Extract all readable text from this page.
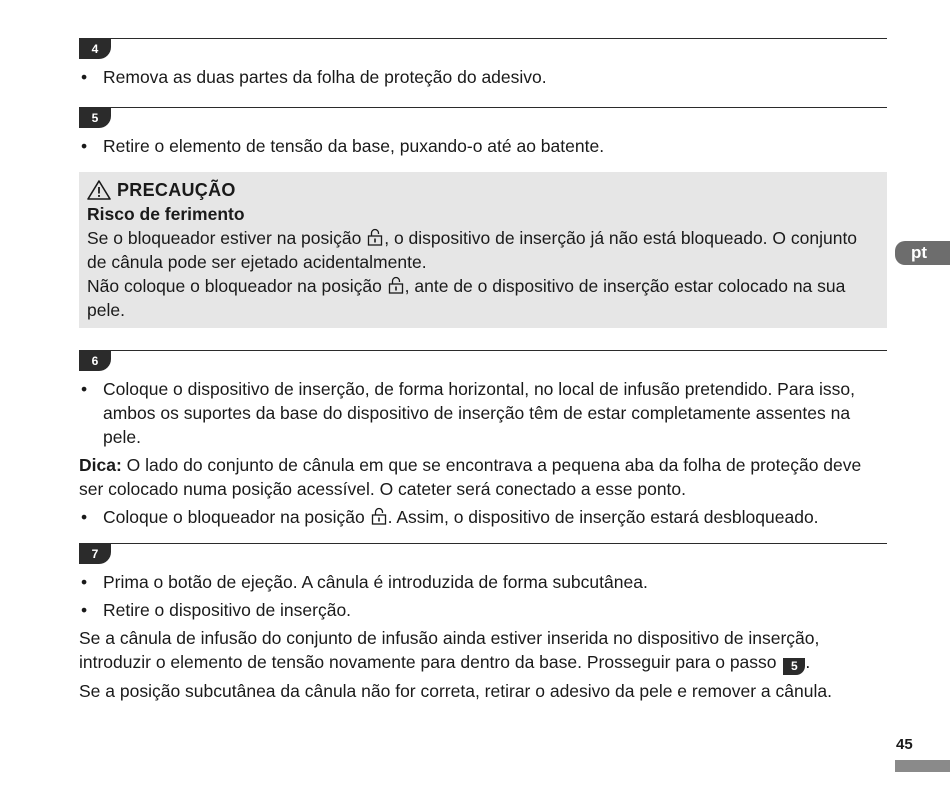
4
• Remova as duas partes da folha de proteção do adesivo.
5
• Retire o elemento de tensão da base, puxando-o até ao batente.
PRECAUÇÃO
Risco de ferimento
Se o bloqueador estiver na posição , o dispositivo de inserção já não está bloqueado. O conjunto de cânula pode ser ejetado acidentalmente.
Não coloque o bloqueador na posição , ante de o dispositivo de inserção estar colocado na sua pele.
6
• Coloque o dispositivo de inserção, de forma horizontal, no local de infusão pretendido. Para isso, ambos os suportes da base do dispositivo de inserção têm de estar completamente assentes na pele.
Dica: O lado do conjunto de cânula em que se encontrava a pequena aba da folha de proteção deve ser colocado numa posição acessível. O cateter será conectado a esse ponto.
• Coloque o bloqueador na posição . Assim, o dispositivo de inserção estará desbloqueado.
7
• Prima o botão de ejeção. A cânula é introduzida de forma subcutânea.
• Retire o dispositivo de inserção.
Se a cânula de infusão do conjunto de infusão ainda estiver inserida no dispositivo de inserção, introduzir o elemento de tensão novamente para dentro da base. Prosseguir para o passo 5 .
Se a posição subcutânea da cânula não for correta, retirar o adesivo da pele e remover a cânula.
pt
45
